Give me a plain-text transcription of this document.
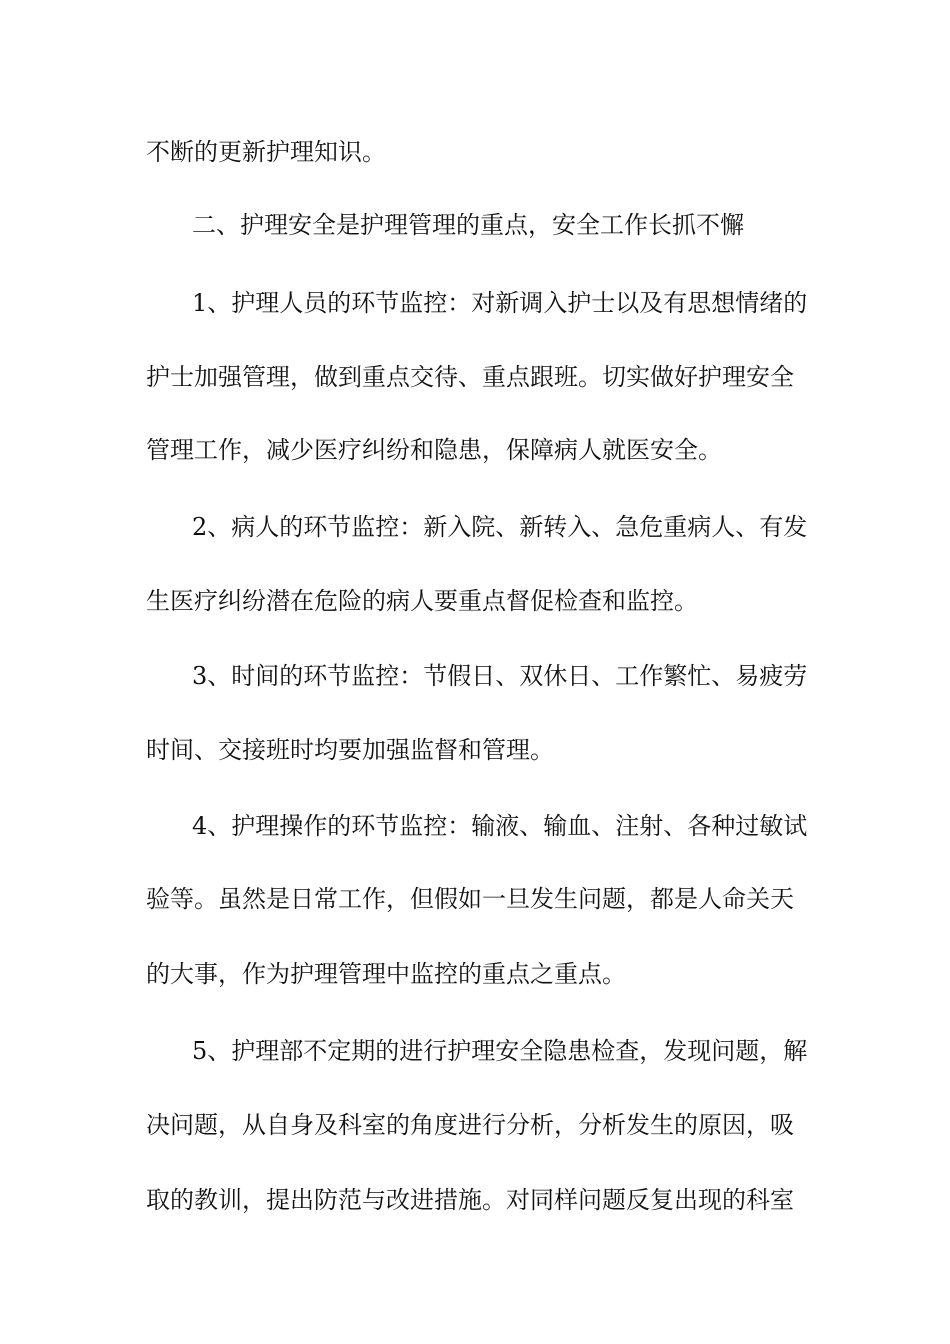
不断的更新护理知识。
二、护理安全是护理管理的重点，安全工作长抓不懈
1、护理人员的环节监控：对新调入护士以及有思想情绪的
护士加强管理，做到重点交待、重点跟班。切实做好护理安全
管理工作，减少医疗纠纷和隐患，保障病人就医安全。
2、病人的环节监控：新入院、新转入、急危重病人、有发
生医疗纠纷潜在危险的病人要重点督促检查和监控。
3、时间的环节监控：节假日、双休日、工作繁忙、易疲劳
时间、交接班时均要加强监督和管理。
4、护理操作的环节监控：输液、输血、注射、各种过敏试
验等。虽然是日常工作，但假如一旦发生问题，都是人命关天
的大事，作为护理管理中监控的重点之重点。
5、护理部不定期的进行护理安全隐患检查，发现问题，解
决问题，从自身及科室的角度进行分析，分析发生的原因，吸
取的教训，提出防范与改进措施。对同样问题反复出现的科室
